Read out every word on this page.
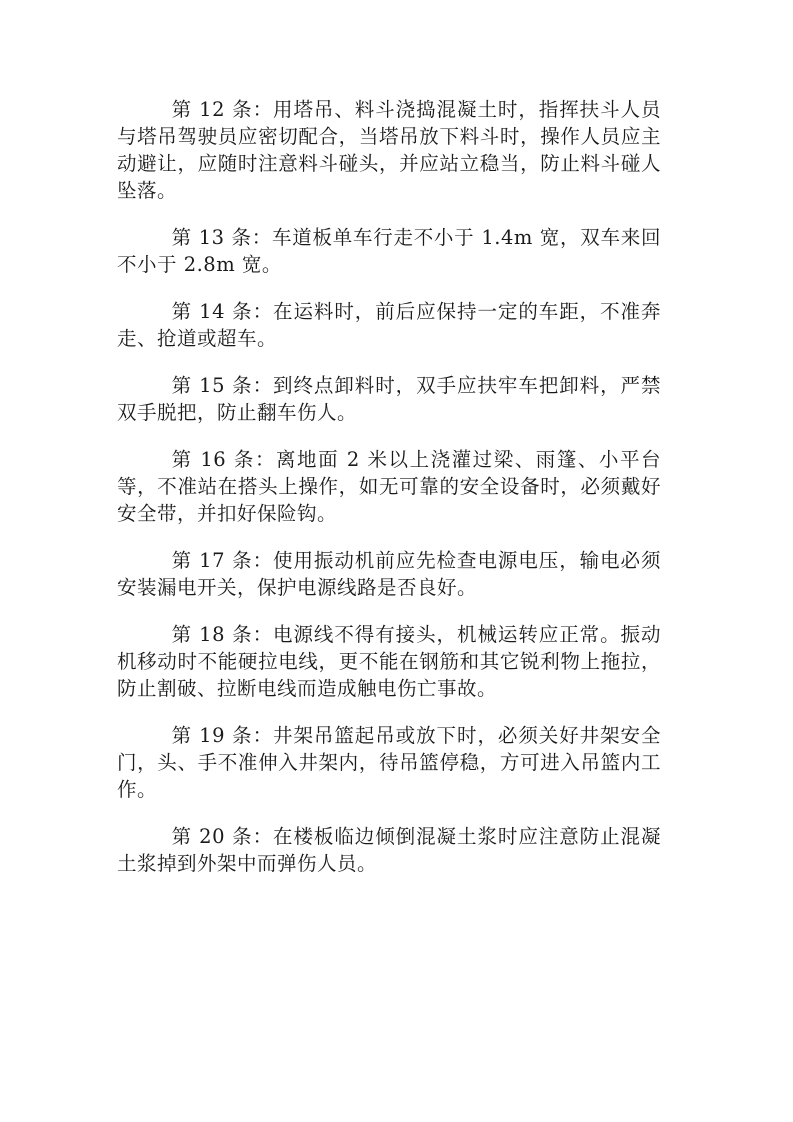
第 12 条：用塔吊、料斗浇捣混凝土时，指挥扶斗人员与塔吊驾驶员应密切配合，当塔吊放下料斗时，操作人员应主动避让，应随时注意料斗碰头，并应站立稳当，防止料斗碰人坠落。

第 13 条：车道板单车行走不小于 1.4m 宽，双车来回不小于 2.8m 宽。

第 14 条：在运料时，前后应保持一定的车距，不准奔走、抢道或超车。

第 15 条：到终点卸料时，双手应扶牢车把卸料，严禁双手脱把，防止翻车伤人。

第 16 条：离地面 2 米以上浇灌过梁、雨篷、小平台等，不准站在搭头上操作，如无可靠的安全设备时，必须戴好安全带，并扣好保险钩。

第 17 条：使用振动机前应先检查电源电压，输电必须安装漏电开关，保护电源线路是否良好。

第 18 条：电源线不得有接头，机械运转应正常。振动机移动时不能硬拉电线，更不能在钢筋和其它锐利物上拖拉，防止割破、拉断电线而造成触电伤亡事故。

第 19 条：井架吊篮起吊或放下时，必须关好井架安全门，头、手不准伸入井架内，待吊篮停稳，方可进入吊篮内工作。

第 20 条：在楼板临边倾倒混凝土浆时应注意防止混凝土浆掉到外架中而弹伤人员。
